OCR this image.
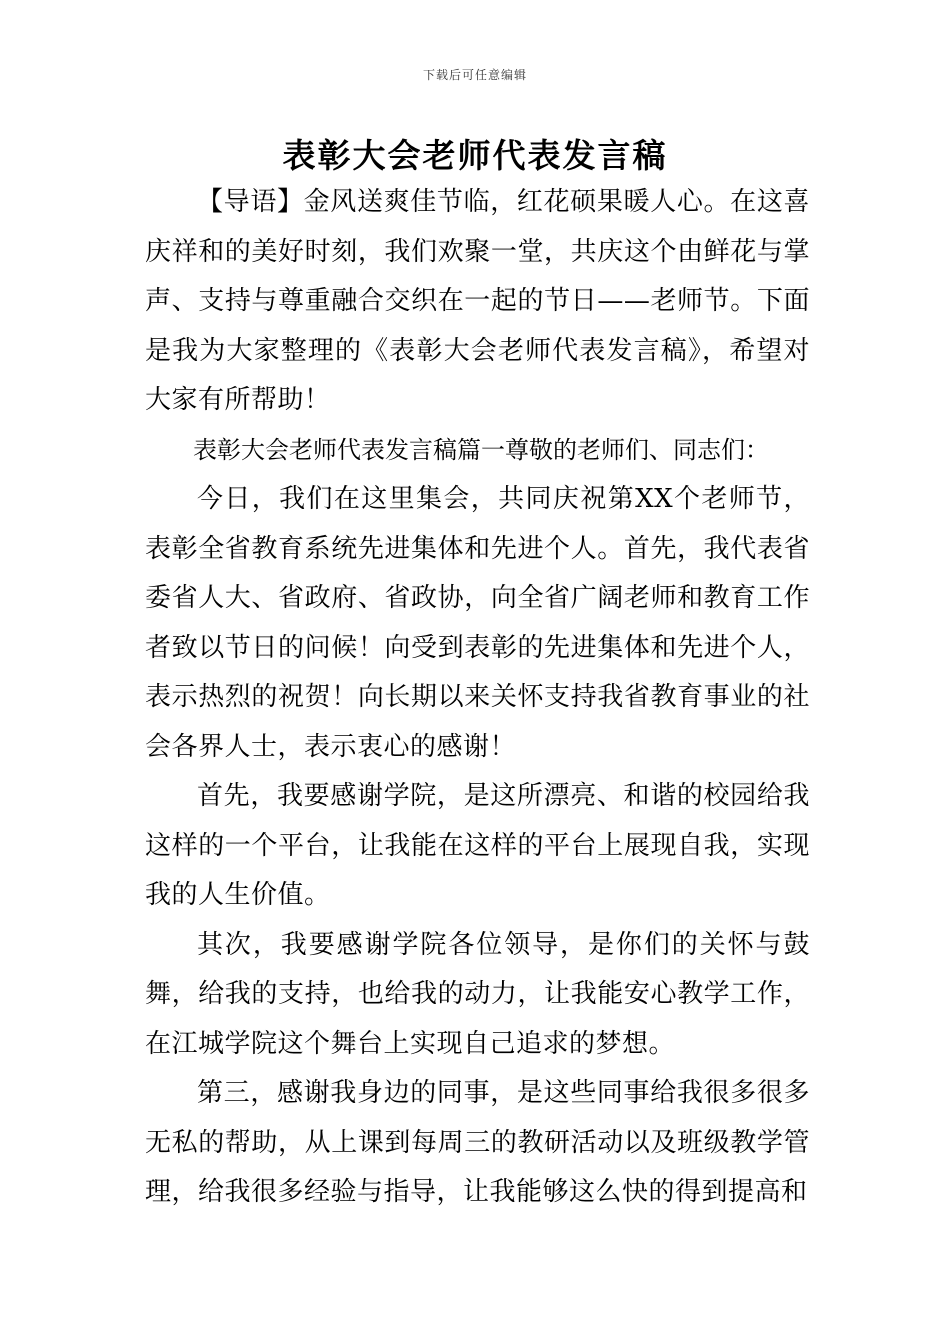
下载后可任意编辑
表彰大会老师代表发言稿

【导语】金风送爽佳节临，红花硕果暖人心。在这喜庆祥和的美好时刻，我们欢聚一堂，共庆这个由鲜花与掌声、支持与尊重融合交织在一起的节日——老师节。下面是我为大家整理的《表彰大会老师代表发言稿》，希望对大家有所帮助！

表彰大会老师代表发言稿篇一尊敬的老师们、同志们：

今日，我们在这里集会，共同庆祝第XX个老师节，表彰全省教育系统先进集体和先进个人。首先，我代表省委省人大、省政府、省政协，向全省广阔老师和教育工作者致以节日的问候！向受到表彰的先进集体和先进个人，表示热烈的祝贺！向长期以来关怀支持我省教育事业的社会各界人士，表示衷心的感谢！

首先，我要感谢学院，是这所漂亮、和谐的校园给我这样的一个平台，让我能在这样的平台上展现自我，实现我的人生价值。

其次，我要感谢学院各位领导，是你们的关怀与鼓舞，给我的支持，也给我的动力，让我能安心教学工作，在江城学院这个舞台上实现自己追求的梦想。

第三，感谢我身边的同事，是这些同事给我很多很多无私的帮助，从上课到每周三的教研活动以及班级教学管理，给我很多经验与指导，让我能够这么快的得到提高和
